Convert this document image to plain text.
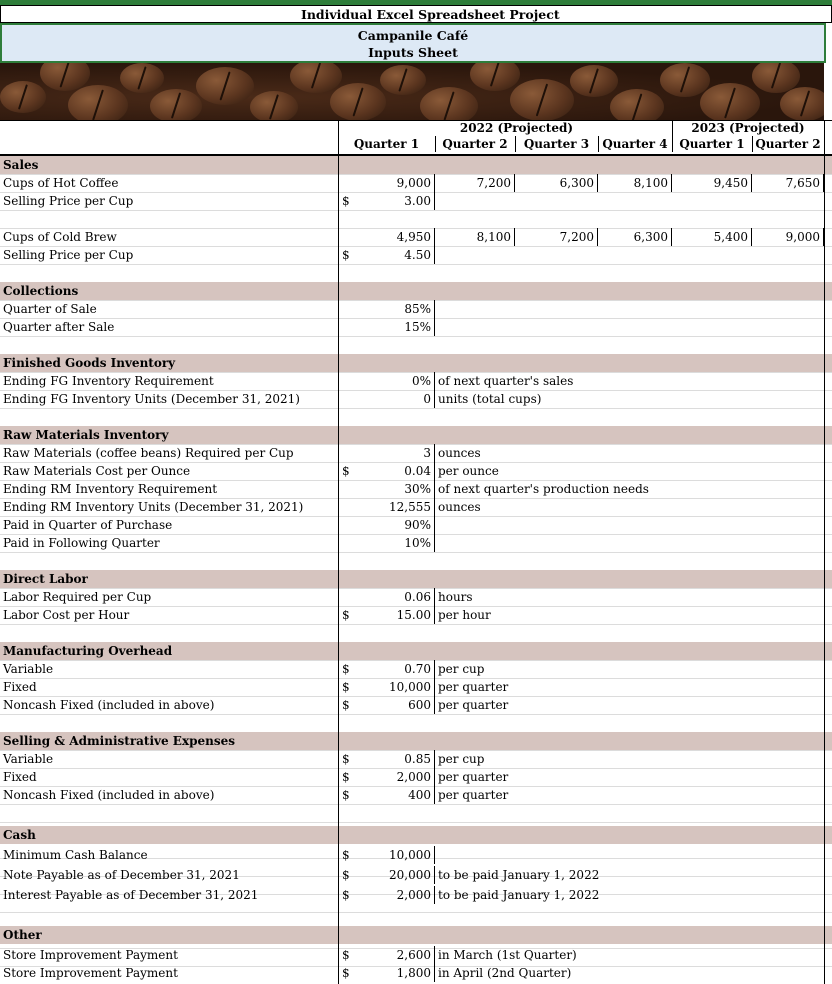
Individual Excel Spreadsheet Project
Campanile Café
Inputs Sheet
2022 (Projected)	2023 (Projected)
Quarter 1	Quarter 2	Quarter 3	Quarter 4 Quarter 1 Quarter 2
Sales
Cups of Hot Coffee	9,000	7,200	6,300	8,100	9,450	7,650
Selling Price per Cup	$	3.00
Cups of Cold Brew	4,950	8,100	7,200	6,300	5,400	9,000
Selling Price per Cup	$	4.50
Collections
Quarter of Sale	85%
Quarter after Sale	15%
Finished Goods Inventory
Ending FG Inventory Requirement	0% of next quarter's sales
Ending FG Inventory Units (December 31, 2021)	0 units (total cups)
Raw Materials Inventory
Raw Materials (coffee beans) Required per Cup	3 ounces
Raw Materials Cost per Ounce	$	0.04 per ounce
Ending RM Inventory Requirement	30% of next quarter's production needs
Ending RM Inventory Units (December 31, 2021)	12,555 ounces
Paid in Quarter of Purchase	90%
Paid in Following Quarter	10%
Direct Labor
Labor Required per Cup	0.06 hours
Labor Cost per Hour	$	15.00 per hour
Manufacturing Overhead
Variable	$	0.70 per cup
Fixed	$	10,000 per quarter
Noncash Fixed (included in above)	$	600 per quarter
Selling & Administrative Expenses
Variable	$	0.85 per cup
Fixed	$	2,000 per quarter
Noncash Fixed (included in above)	$	400 per quarter
Cash
Minimum Cash Balance	$	10,000
Note Payable as of December 31, 2021	$	20,000 to be paid January 1, 2022
Interest Payable as of December 31, 2021	$	2,000 to be paid January 1, 2022
Other
Store Improvement Payment	$	2,600 in March (1st Quarter)
Store Improvement Payment	$	1,800 in April (2nd Quarter)
